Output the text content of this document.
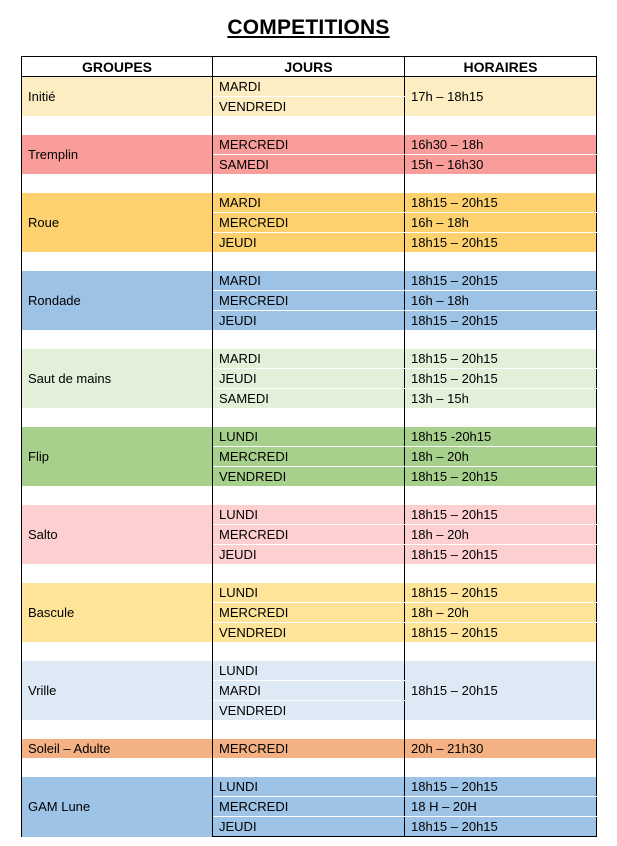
COMPETITIONS
GROUPES	JOURS	HORAIRES
Initié	MARDI	17h – 18h15
	VENDREDI	

Tremplin	MERCREDI	16h30 – 18h
	SAMEDI	15h – 16h30

Roue	MARDI	18h15 – 20h15
	MERCREDI	16h – 18h
	JEUDI	18h15 – 20h15

Rondade	MARDI	18h15 – 20h15
	MERCREDI	16h – 18h
	JEUDI	18h15 – 20h15

Saut de mains	MARDI	18h15 – 20h15
	JEUDI	18h15 – 20h15
	SAMEDI	13h – 15h

Flip	LUNDI	18h15 -20h15
	MERCREDI	18h – 20h
	VENDREDI	18h15 – 20h15

Salto	LUNDI	18h15 – 20h15
	MERCREDI	18h – 20h
	JEUDI	18h15 – 20h15

Bascule	LUNDI	18h15 – 20h15
	MERCREDI	18h – 20h
	VENDREDI	18h15 – 20h15

Vrille	LUNDI	
	MARDI	18h15 – 20h15
	VENDREDI	

Soleil – Adulte	MERCREDI	20h – 21h30

GAM Lune	LUNDI	18h15 – 20h15
	MERCREDI	18 H – 20H
	JEUDI	18h15 – 20h15
